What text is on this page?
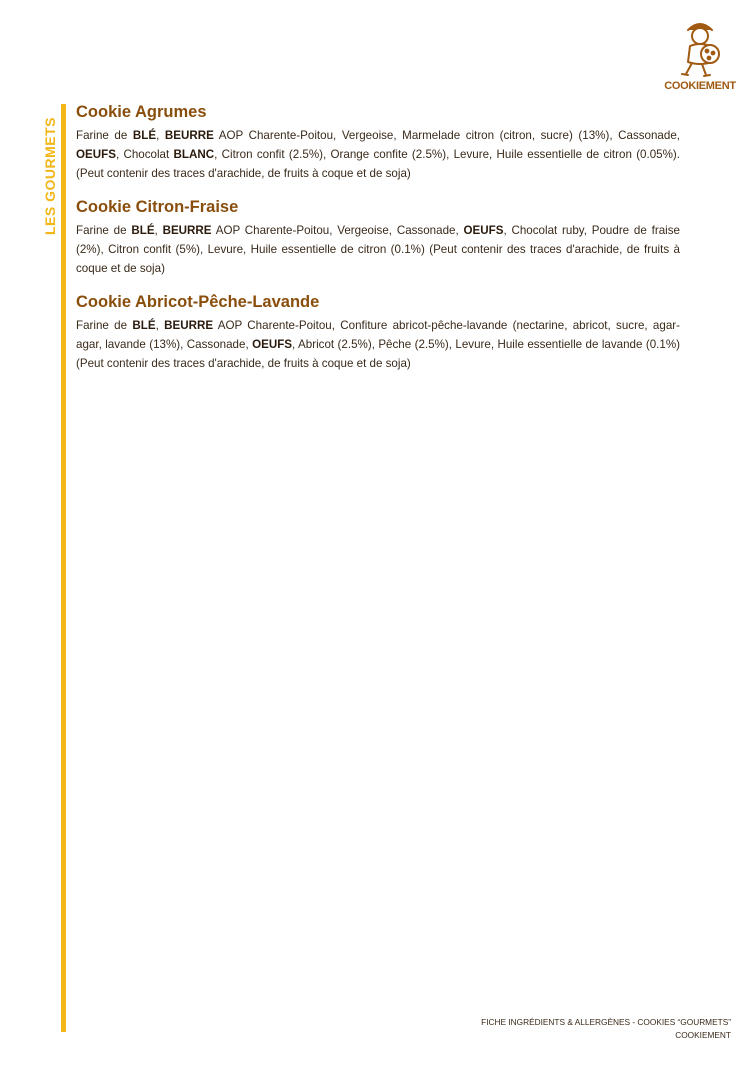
LES GOURMETS
COOKIEMENT
Cookie Agrumes

Farine de BLÉ, BEURRE AOP Charente-Poitou, Vergeoise, Marmelade citron (citron, sucre) (13%), Cassonade, OEUFS, Chocolat BLANC, Citron confit (2.5%), Orange confite (2.5%), Levure, Huile essentielle de citron (0.05%). (Peut contenir des traces d'arachide, de fruits à coque et de soja)

Cookie Citron-Fraise

Farine de BLÉ, BEURRE AOP Charente-Poitou, Vergeoise, Cassonade, OEUFS, Chocolat ruby, Poudre de fraise (2%), Citron confit (5%), Levure, Huile essentielle de citron (0.1%) (Peut contenir des traces d'arachide, de fruits à coque et de soja)

Cookie Abricot-Pêche-Lavande

Farine de BLÉ, BEURRE AOP Charente-Poitou, Confiture abricot-pêche-lavande (nectarine, abricot, sucre, agar-agar, lavande (13%), Cassonade, OEUFS, Abricot (2.5%), Pêche (2.5%), Levure, Huile essentielle de lavande (0.1%) (Peut contenir des traces d'arachide, de fruits à coque et de soja)

FICHE INGRÉDIENTS & ALLERGÈNES - COOKIES “GOURMETS”
COOKIEMENT
